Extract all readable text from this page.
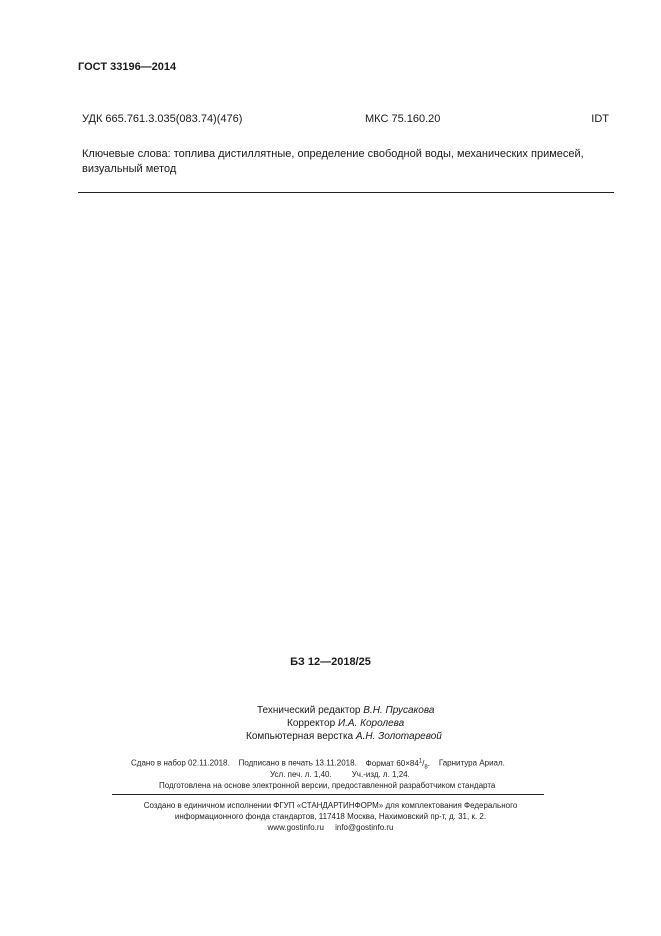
ГОСТ 33196—2014
УДК 665.761.3.035(083.74)(476)	МКС 75.160.20	IDT
Ключевые слова: топлива дистиллятные, определение свободной воды, механических примесей, визуальный метод
БЗ 12—2018/25
Технический редактор В.Н. Прусакова
Корректор И.А. Королева
Компьютерная верстка А.Н. Золотаревой
Сдано в набор 02.11.2018. Подписано в печать 13.11.2018. Формат $60\times 84^1/_8$. Гарнитура Ариал.
Усл. печ. л. 1,40.	Уч.-изд. л. 1,24.
Подготовлена на основе электронной версии, предоставленной разработчиком стандарта
Создано в единичном исполнении ФГУП «СТАНДАРТИНФОРМ» для комплектования Федерального
информационного фонда стандартов, 117418 Москва, Нахимовский пр-т, д. 31, к. 2.
www.gostinfo.ru info@gostinfo.ru
